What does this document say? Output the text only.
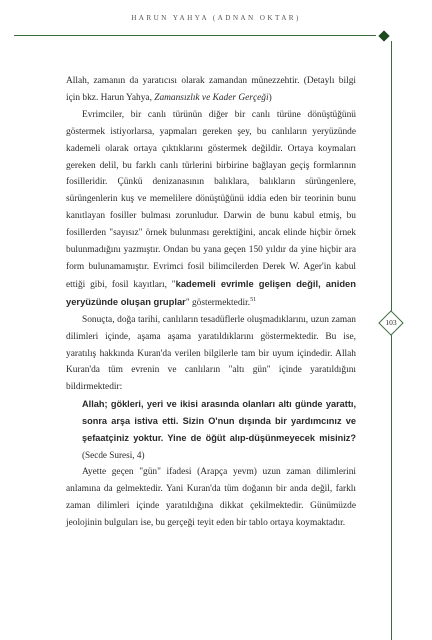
HARUN YAHYA (ADNAN OKTAR)
103

Allah, zamanın da yaratıcısı olarak zamandan münezzehtir. (Detaylı bilgi için bkz. Harun Yahya, Zamansızlık ve Kader Gerçeği)

Evrimciler, bir canlı türünün diğer bir canlı türüne dönüştüğünü göstermek istiyorlarsa, yapmaları gereken şey, bu canlıların yeryüzünde kademeli olarak ortaya çıktıklarını göstermek değildir. Ortaya koymaları gereken delil, bu farklı canlı türlerini birbirine bağlayan geçiş formlarının fosilleridir. Çünkü denizanasının balıklara, balıkların sürüngenlere, sürüngenlerin kuş ve memelilere dönüştüğünü iddia eden bir teorinin bunu kanıtlayan fosiller bulması zorunludur. Darwin de bunu kabul etmiş, bu fosillerden "sayısız" örnek bulunması gerektiğini, ancak elinde hiçbir örnek bulunmadığını yazmıştır. Ondan bu yana geçen 150 yıldır da yine hiçbir ara form bulunamamıştır. Evrimci fosil bilimcilerden Derek W. Ager'in kabul ettiği gibi, fosil kayıtları, "kademeli evrimle gelişen değil, aniden yeryüzünde oluşan gruplar" göstermektedir.$^{51}$

Sonuçta, doğa tarihi, canlıların tesadüflerle oluşmadıklarını, uzun zaman dilimleri içinde, aşama aşama yaratıldıklarını göstermektedir. Bu ise, yaratılış hakkında Kuran'da verilen bilgilerle tam bir uyum içindedir. Allah Kuran'da tüm evrenin ve canlıların "altı gün" içinde yaratıldığını bildirmektedir:

Allah; gökleri, yeri ve ikisi arasında olanları altı günde yarattı, sonra arşa istiva etti. Sizin O'nun dışında bir yardımcınız ve şefaatçiniz yoktur. Yine de öğüt alıp-düşünmeyecek misiniz? (Secde Suresi, 4)

Ayette geçen "gün" ifadesi (Arapça yevm) uzun zaman dilimlerini anlamına da gelmektedir. Yani Kuran'da tüm doğanın bir anda değil, farklı zaman dilimleri içinde yaratıldığına dikkat çekilmektedir. Günümüzde jeolojinin bulguları ise, bu gerçeği teyit eden bir tablo ortaya koymaktadır.
